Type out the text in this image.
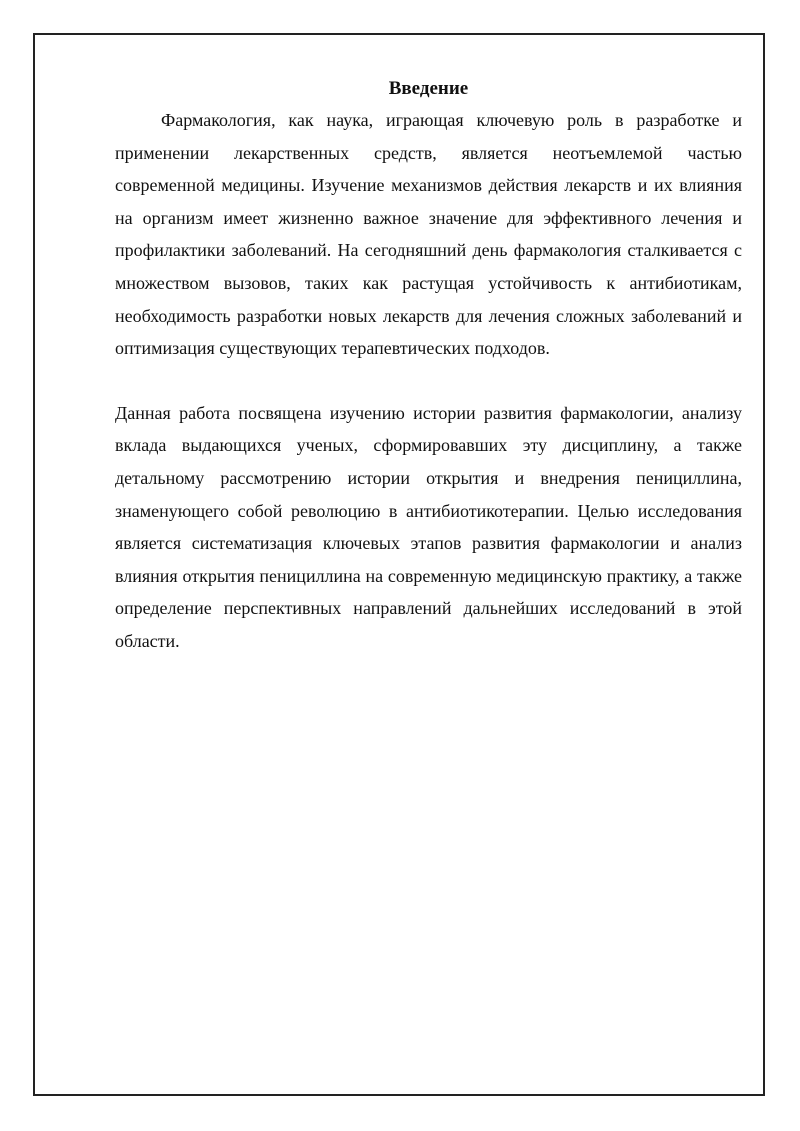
Введение

Фармакология, как наука, играющая ключевую роль в разработке и применении лекарственных средств, является неотъемлемой частью современной медицины. Изучение механизмов действия лекарств и их влияния на организм имеет жизненно важное значение для эффективного лечения и профилактики заболеваний. На сегодняшний день фармакология сталкивается с множеством вызовов, таких как растущая устойчивость к антибиотикам, необходимость разработки новых лекарств для лечения сложных заболеваний и оптимизация существующих терапевтических подходов.

Данная работа посвящена изучению истории развития фармакологии, анализу вклада выдающихся ученых, сформировавших эту дисциплину, а также детальному рассмотрению истории открытия и внедрения пенициллина, знаменующего собой революцию в антибиотикотерапии. Целью исследования является систематизация ключевых этапов развития фармакологии и анализ влияния открытия пенициллина на современную медицинскую практику, а также определение перспективных направлений дальнейших исследований в этой области.
